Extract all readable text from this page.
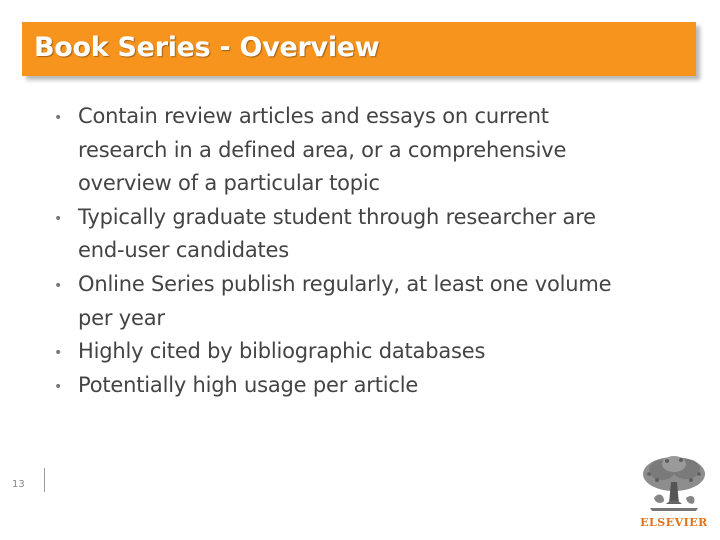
Book Series - Overview
• Contain review articles and essays on current research in a defined area, or a comprehensive overview of a particular topic
• Typically graduate student through researcher are end-user candidates
• Online Series publish regularly, at least one volume per year
• Highly cited by bibliographic databases
• Potentially high usage per article
13
ELSEVIER
